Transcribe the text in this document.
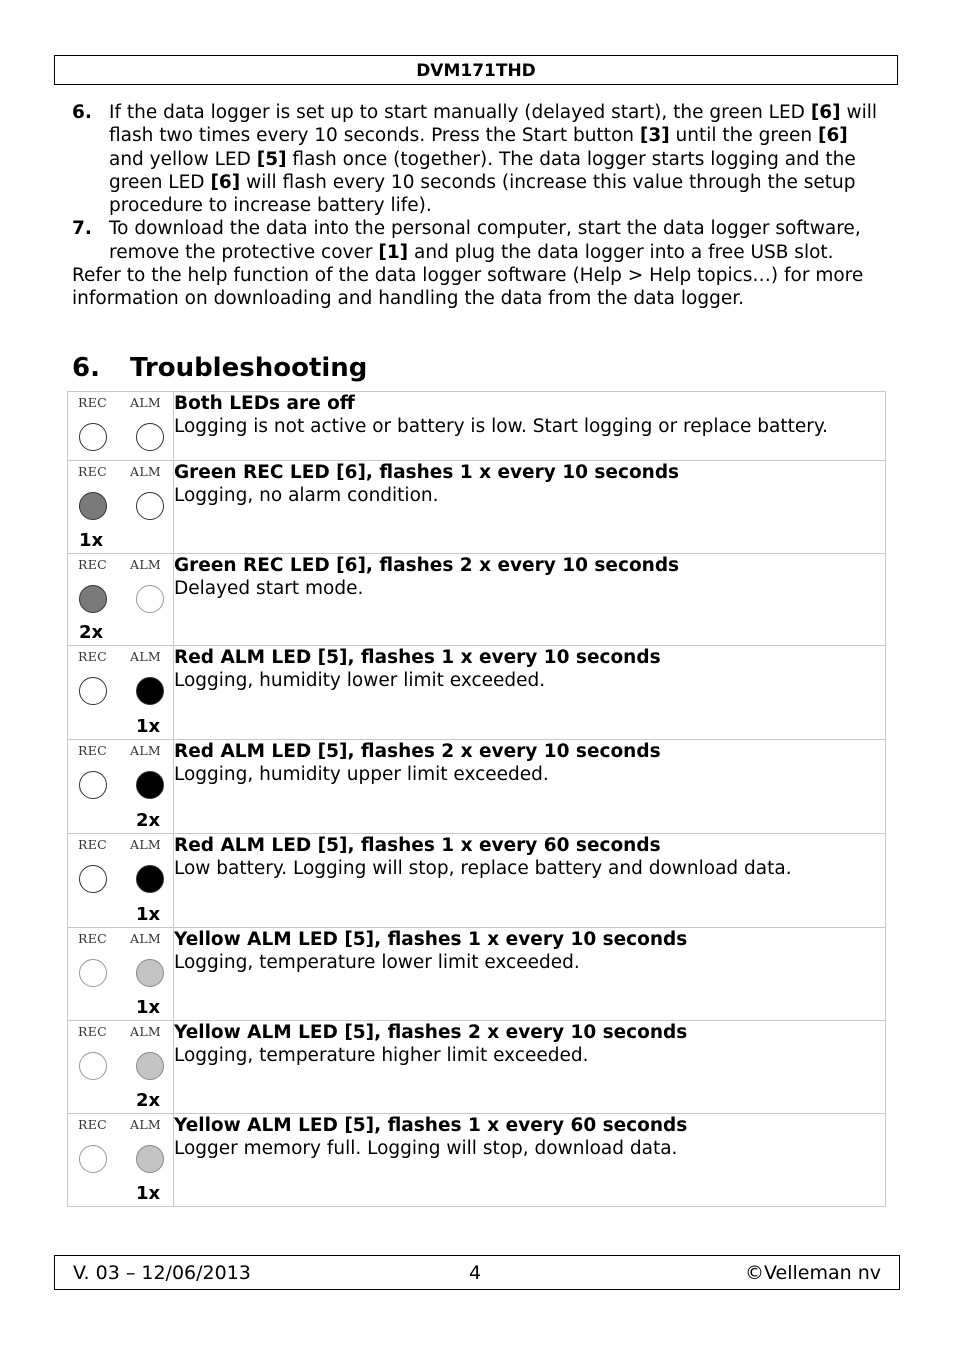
DVM171THD
6. If the data logger is set up to start manually (delayed start), the green LED [6] will flash two times every 10 seconds. Press the Start button [3] until the green [6] and yellow LED [5] flash once (together). The data logger starts logging and the green LED [6] will flash every 10 seconds (increase this value through the setup procedure to increase battery life).
7. To download the data into the personal computer, start the data logger software, remove the protective cover [1] and plug the data logger into a free USB slot.

Refer to the help function of the data logger software (Help > Help topics…) for more information on downloading and handling the data from the data logger.

6. Troubleshooting
REC ALM	Both LEDs are off
Logging is not active or battery is low. Start logging or replace battery.

REC ALM
1x	Green REC LED [6], flashes 1 x every 10 seconds
Logging, no alarm condition.

REC ALM
2x	Green REC LED [6], flashes 2 x every 10 seconds
Delayed start mode.

REC ALM
1x	Red ALM LED [5], flashes 1 x every 10 seconds
Logging, humidity lower limit exceeded.

REC ALM
2x	Red ALM LED [5], flashes 2 x every 10 seconds
Logging, humidity upper limit exceeded.

REC ALM
1x	Red ALM LED [5], flashes 1 x every 60 seconds
Low battery. Logging will stop, replace battery and download data.

REC ALM
1x	Yellow ALM LED [5], flashes 1 x every 10 seconds
Logging, temperature lower limit exceeded.

REC ALM
2x	Yellow ALM LED [5], flashes 2 x every 10 seconds
Logging, temperature higher limit exceeded.

REC ALM
1x	Yellow ALM LED [5], flashes 1 x every 60 seconds
Logger memory full. Logging will stop, download data.
V. 03 – 12/06/2013	4	©Velleman nv
